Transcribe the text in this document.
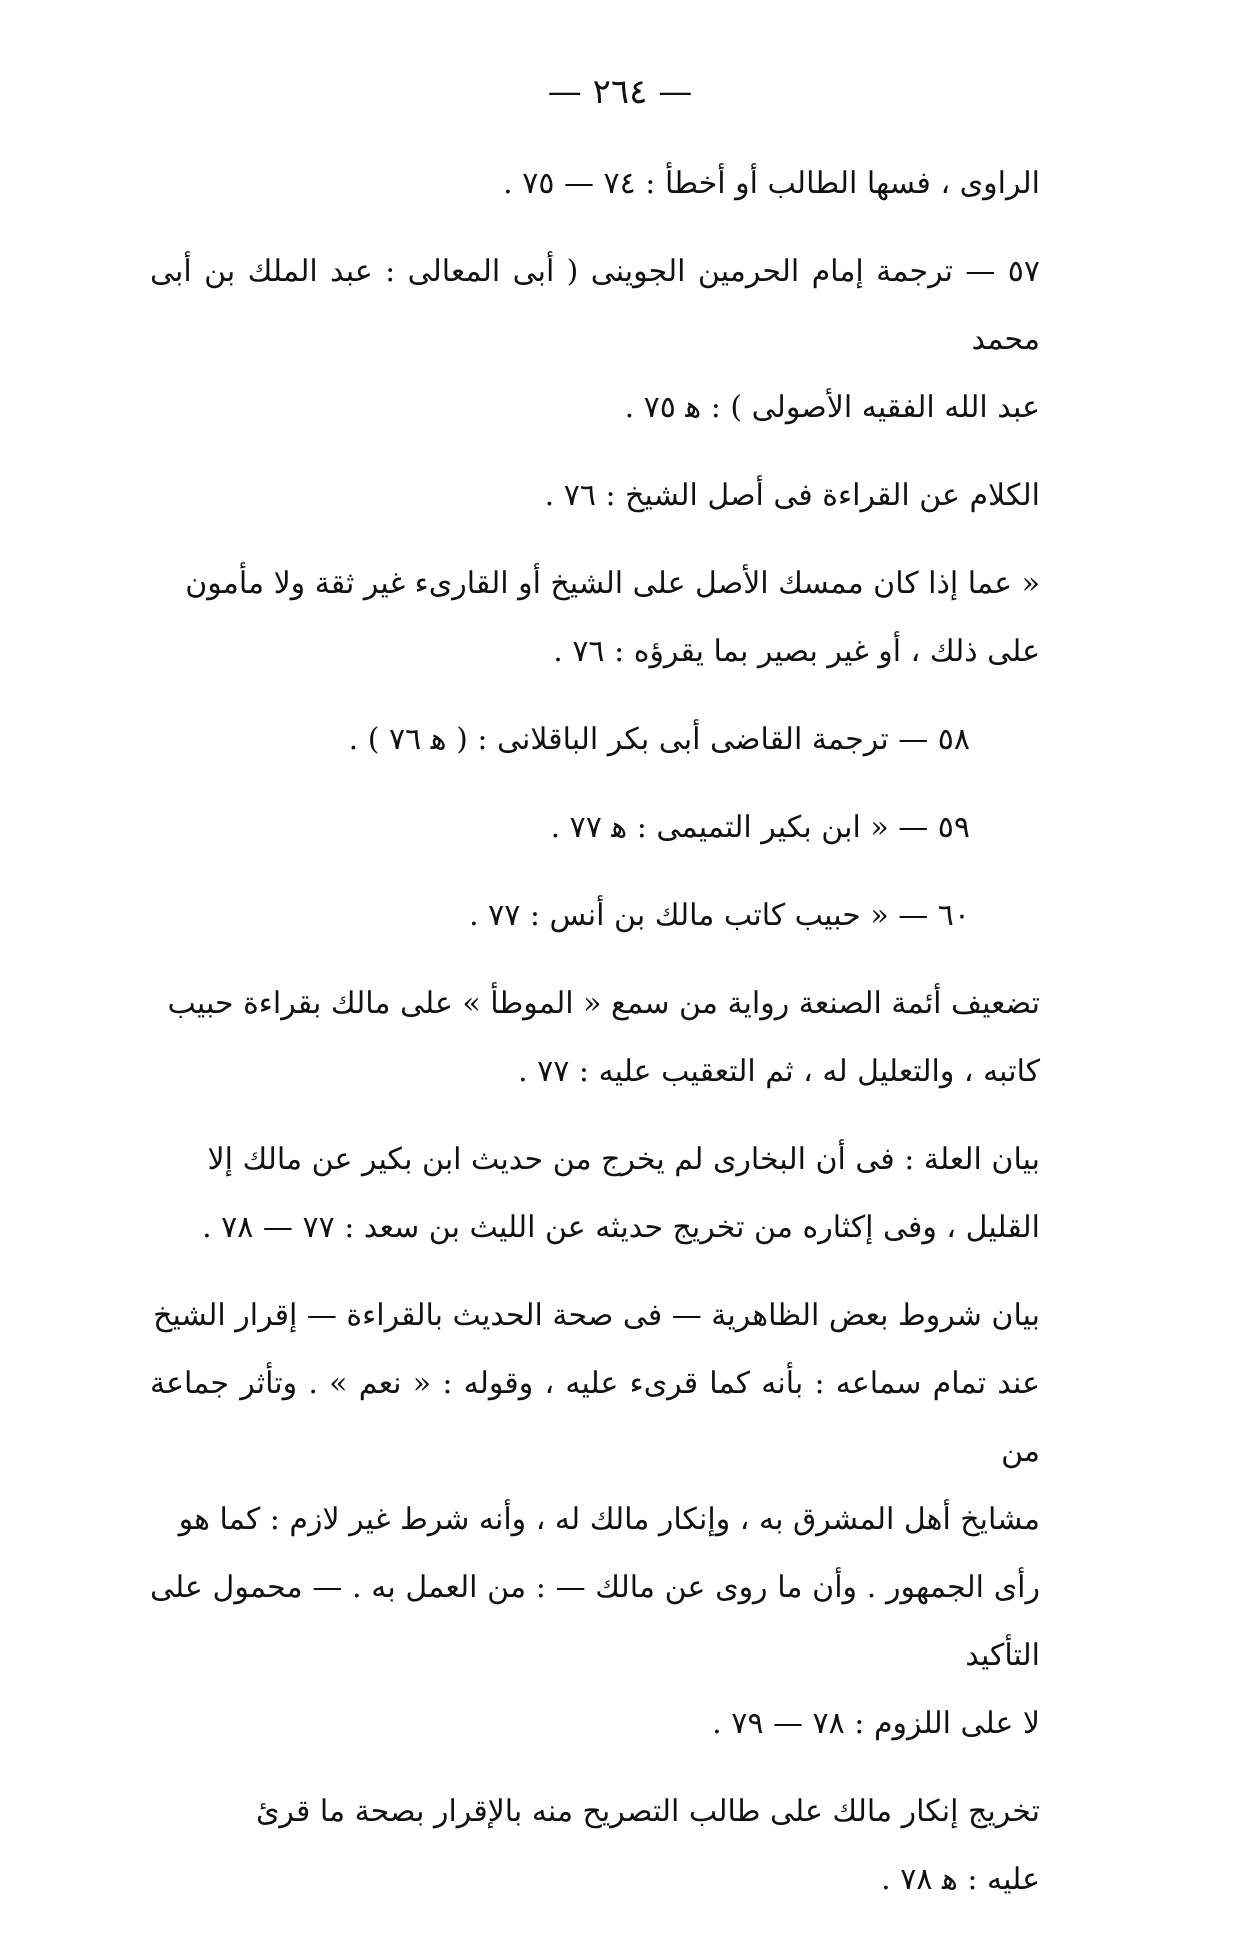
— ٢٦٤ —

الراوى ، فسها الطالب أو أخطأ : ٧٤ — ٧٥ .

٥٧ — ترجمة إمام الحرمين الجوينى ( أبى المعالى : عبد الملك بن أبى محمد

عبد الله الفقيه الأصولى ) : ﻫ ٧٥ .

الكلام عن القراءة فى أصل الشيخ : ٧٦ .

« عما إذا كان ممسك الأصل على الشيخ أو القارىء غير ثقة ولا مأمون

على ذلك ، أو غير بصير بما يقرؤه : ٧٦ .

٥٨ — ترجمة القاضى أبى بكر الباقلانى : ( ﻫ ٧٦ ) .

٥٩ — « ابن بكير التميمى : ﻫ ٧٧ .

٦٠ — « حبيب كاتب مالك بن أنس : ٧٧ .

تضعيف أئمة الصنعة رواية من سمع « الموطأ » على مالك بقراءة حبيب

كاتبه ، والتعليل له ، ثم التعقيب عليه : ٧٧ .

بيان العلة : فى أن البخارى لم يخرج من حديث ابن بكير عن مالك إلا

القليل ، وفى إكثاره من تخريج حديثه عن الليث بن سعد : ٧٧ — ٧٨ .

بيان شروط بعض الظاهرية — فى صحة الحديث بالقراءة — إقرار الشيخ

عند تمام سماعه : بأنه كما قرىء عليه ، وقوله : « نعم » . وتأثر جماعة من

مشايخ أهل المشرق به ، وإنكار مالك له ، وأنه شرط غير لازم : كما هو

رأى الجمهور . وأن ما روى عن مالك — : من العمل به . — محمول على التأكيد

لا على اللزوم : ٧٨ — ٧٩ .

تخريج إنكار مالك على طالب التصريح منه بالإقرار بصحة ما قرئ

عليه : ﻫ ٧٨ .
